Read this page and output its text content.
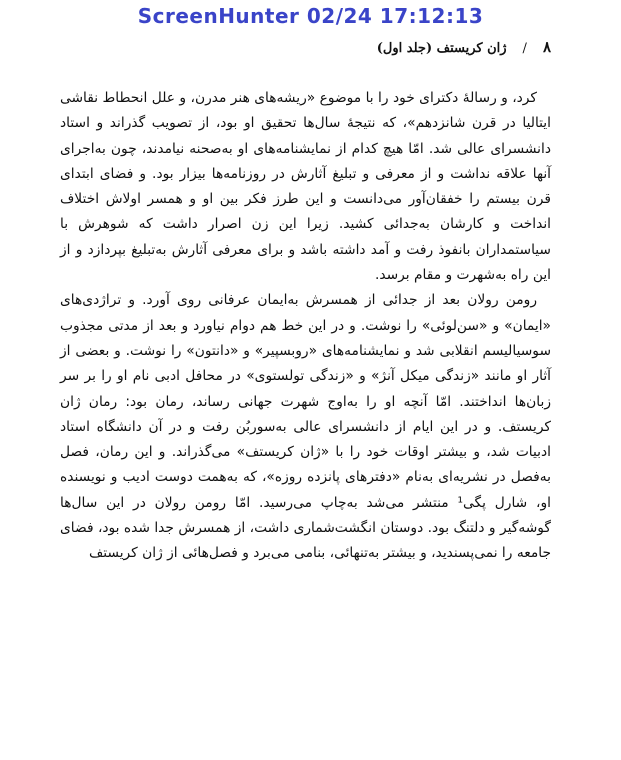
ScreenHunter 02/24 17:12:13
۸
/
ژان کریستف (جلد اول)

کرد، و رسالهٔ دکترای خود را با موضوع «ریشه‌های هنر مدرن، و علل انحطاط نقاشی ایتالیا در قرن شانزدهم»، که نتیجهٔ سال‌ها تحقیق او بود، از تصویب گذراند و استاد دانشسرای عالی شد. امّا هیچ کدام از نمایشنامه‌های او به‌صحنه نیامدند، چون به‌اجرای آنها علاقه نداشت و از معرفی و تبلیغ آثارش در روزنامه‌ها بیزار بود. و فضای ابتدای قرن بیستم را خفقان‌آور می‌دانست و این طرز فکر بین او و همسر اولاش اختلاف انداخت و کارشان به‌جدائی کشید. زیرا این زن اصرار داشت که شوهرش با سیاستمداران با‌نفوذ رفت و آمد داشته باشد و برای معرفی آثارش به‌تبلیغ بپردازد و از این راه به‌شهرت و مقام برسد.

رومن رولان بعد از جدائی از همسرش به‌ایمان عرفانی روی آورد. و تراژدی‌های «ایمان» و «سن‌لوئی» را نوشت. و در این خط هم دوام نیاورد و بعد از مدتی مجذوب سوسیالیسم انقلابی شد و نمایشنامه‌های «روبسپیر» و «دانتون» را نوشت. و بعضی از آثار او مانند «زندگی میکل آنژ» و «زندگی تولستوی» در محافل ادبی نام او را بر سر زبان‌ها انداختند. امّا آنچه او را به‌اوج شهرت جهانی رساند، رمان بود: رمان ژان کریستف. و در این ایام از دانشسرای عالی به‌سوربُن رفت و در آن دانشگاه استاد ادبیات شد، و بیشتر اوقات خود را با «ژان کریستف» می‌گذراند. و این رمان، فصل به‌فصل در نشریه‌ای به‌نام «دفترهای پانزده روزه»، که به‌همت دوست ادیب و نویسنده او، شارل پگی¹ منتشر می‌شد به‌چاپ می‌رسید. امّا رومن رولان در این سال‌ها گوشه‌گیر و دلتنگ بود. دوستان انگشت‌شماری داشت، از همسرش جدا شده بود، فضای جامعه را نمی‌پسندید، و بیشتر به‌تنهائی، بنامی می‌برد و فصل‌هائی از ژان کریستف
